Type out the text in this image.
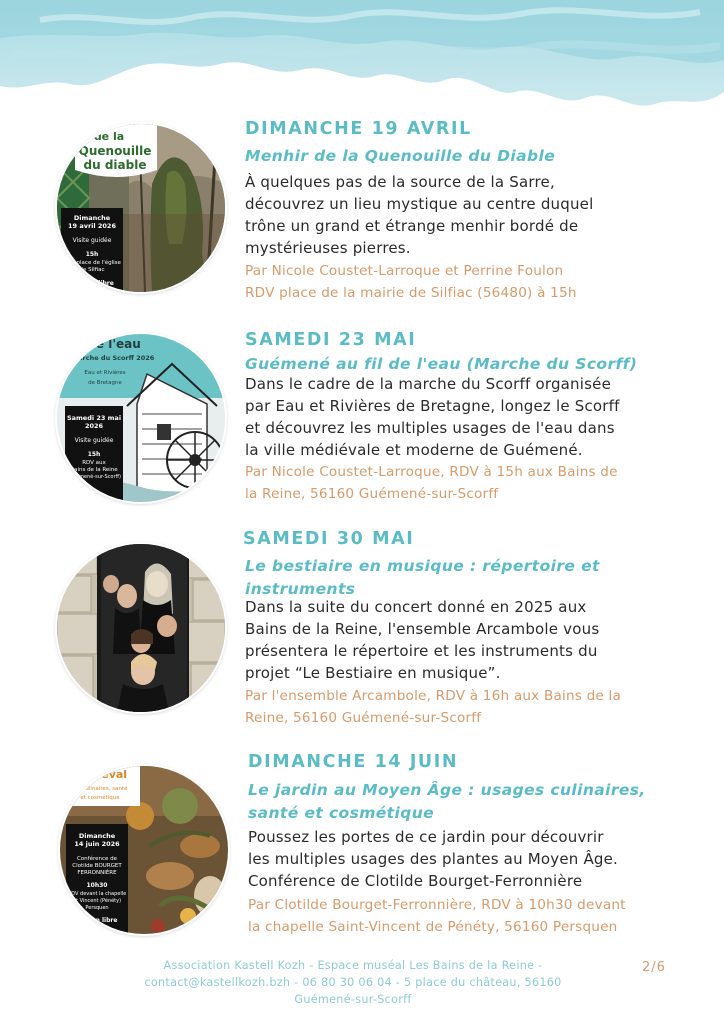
de la
Quenouille
du diable
Dimanche
19 avril 2026
Visite guidée
15h
RDV place de l'église
de Silfiac
...tion libre
DIMANCHE 19 AVRIL
Menhir de la Quenouille du Diable
À quelques pas de la source de la Sarre,
découvrez un lieu mystique au centre duquel
trône un grand et étrange menhir bordé de
mystérieuses pierres.
Par Nicole Coustet-Larroque et Perrine Foulon
RDV place de la mairie de Silfiac (56480) à 15h
...il de l'eau
Marche du Scorff 2026
Eau et Rivières
de Bretagne
Samedi 23 mai
2026
Visite guidée
15h
RDV aux
Bains de la Reine
(Guémené-sur-Scorff)
SAMEDI 23 MAI
Guémené au fil de l'eau (Marche du Scorff)
Dans le cadre de la marche du Scorff organisée
par Eau et Rivières de Bretagne, longez le Scorff
et découvrez les multiples usages de l'eau dans
la ville médiévale et moderne de Guémené.
Par Nicole Coustet-Larroque, RDV à 15h aux Bains de
la Reine, 56160 Guémené-sur-Scorff
SAMEDI 30 MAI
Le bestiaire en musique : répertoire et
instruments
Dans la suite du concert donné en 2025 aux
Bains de la Reine, l'ensemble Arcambole vous
présentera le répertoire et les instruments du
projet “Le Bestiaire en musique”.
Par l'ensemble Arcambole, RDV à 16h aux Bains de la
Reine, 56160 Guémené-sur-Scorff
...iéval
...s culinaires, santé
et cosmétique
Dimanche
14 juin 2026
Conférence de
Clotilde BOURGET
FERRONNIÈRE
10h30
RDV devant la chapelle
St Vincent (Pénéty)
Persquen
...ion libre
DIMANCHE 14 JUIN
Le jardin au Moyen Âge : usages culinaires,
santé et cosmétique
Poussez les portes de ce jardin pour découvrir
les multiples usages des plantes au Moyen Âge.
Conférence de Clotilde Bourget-Ferronnière
Par Clotilde Bourget-Ferronnière, RDV à 10h30 devant
la chapelle Saint-Vincent de Pénéty, 56160 Persquen
Association Kastell Kozh - Espace muséal Les Bains de la Reine -
contact@kastellkozh.bzh - 06 80 30 06 04 - 5 place du château, 56160
Guémené-sur-Scorff
2/6
